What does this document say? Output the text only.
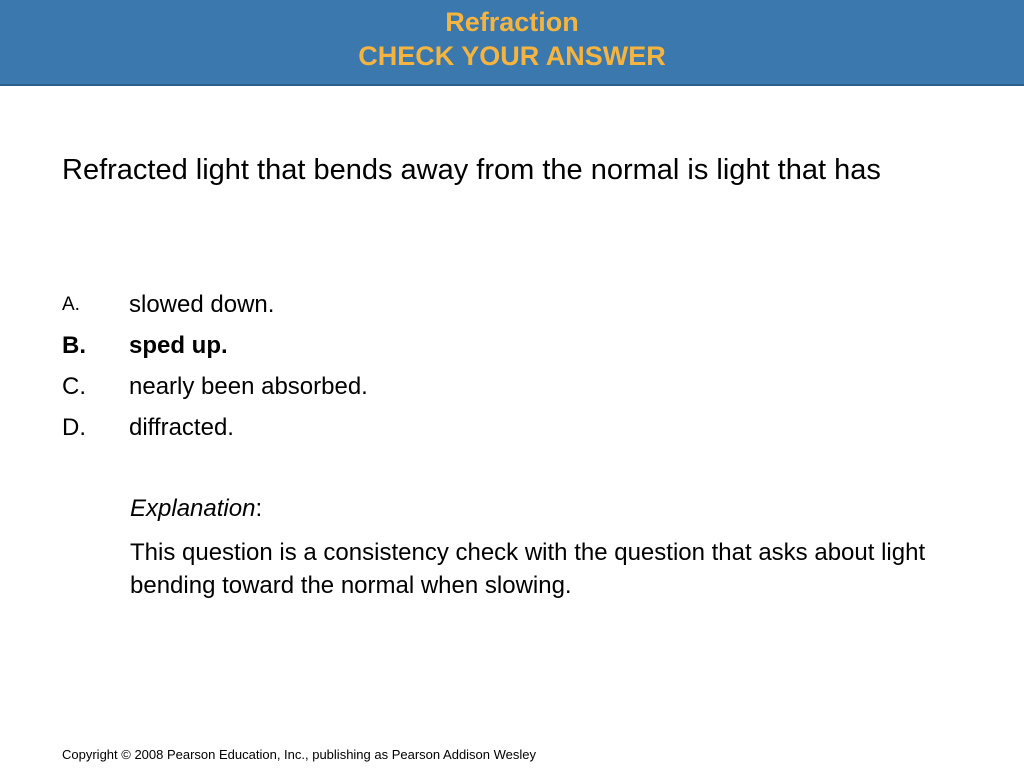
Refraction
CHECK YOUR ANSWER
Refracted light that bends away from the normal is light that has
A. slowed down.
B. sped up.
C. nearly been absorbed.
D. diffracted.
Explanation:
This question is a consistency check with the question that asks about light bending toward the normal when slowing.
Copyright © 2008 Pearson Education, Inc., publishing as Pearson Addison Wesley
